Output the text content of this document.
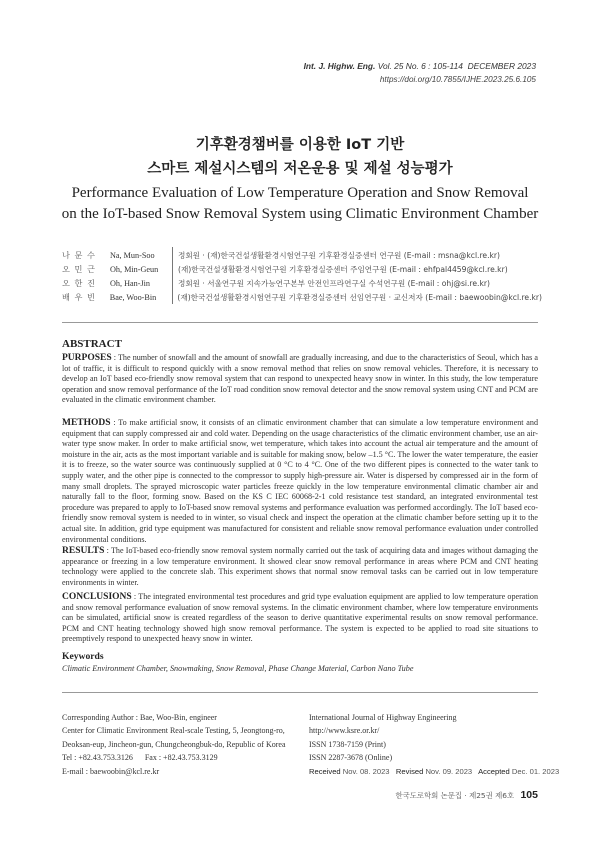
Int. J. Highw. Eng. Vol. 25 No. 6 : 105-114 DECEMBER 2023
https://doi.org/10.7855/IJHE.2023.25.6.105
기후환경챔버를 이용한 IoT 기반
스마트 제설시스템의 저온운용 및 제설 성능평가
Performance Evaluation of Low Temperature Operation and Snow Removal
on the IoT-based Snow Removal System using Climatic Environment Chamber
나 문 수	Na, Mun-Soo	정회원 · (재)한국건설생활환경시험연구원 기후환경실증센터 연구원 (E-mail : msna@kcl.re.kr)
오 민 근	Oh, Min-Geun	(재)한국건설생활환경시험연구원 기후환경실증센터 주임연구원 (E-mail : ehfpal4459@kcl.re.kr)
오 한 진	Oh, Han-Jin	정회원 · 서울연구원 지속가능연구본부 안전인프라연구실 수석연구원 (E-mail : ohj@si.re.kr)
배 우 빈	Bae, Woo-Bin	(재)한국건설생활환경시험연구원 기후환경실증센터 선임연구원 · 교신저자 (E-mail : baewoobin@kcl.re.kr)
ABSTRACT
PURPOSES : The number of snowfall and the amount of snowfall are gradually increasing, and due to the characteristics of Seoul, which has a lot of traffic, it is difficult to respond quickly with a snow removal method that relies on snow removal vehicles. Therefore, it is necessary to develop an IoT based eco-friendly snow removal system that can respond to unexpected heavy snow in winter. In this study, the low temperature operation and snow removal performance of the IoT road condition snow removal detector and the snow removal system using CNT and PCM are evaluated in the climatic environment chamber.
METHODS : To make artificial snow, it consists of an climatic environment chamber that can simulate a low temperature environment and equipment that can supply compressed air and cold water. Depending on the usage characteristics of the climatic environment chamber, use an air-water type snow maker. In order to make artificial snow, wet temperature, which takes into account the actual air temperature and the amount of moisture in the air, acts as the most important variable and is suitable for making snow, below –1.5 °C. The lower the water temperature, the easier it is to freeze, so the water source was continuously supplied at 0 °C to 4 °C. One of the two different pipes is connected to the water tank to supply water, and the other pipe is connected to the compressor to supply high-pressure air. Water is dispersed by compressed air in the form of many small droplets. The sprayed microscopic water particles freeze quickly in the low temperature environmental climatic chamber air and naturally fall to the floor, forming snow. Based on the KS C IEC 60068-2-1 cold resistance test standard, an integrated environmental test procedure was prepared to apply to IoT-based snow removal systems and performance evaluation was performed accordingly. The IoT based eco-friendly snow removal system is needed to in winter, so visual check and inspect the operation at the climatic chamber before setting up it to the actual site. In addition, grid type equipment was manufactured for consistent and reliable snow removal performance evaluation under controlled environmental conditions.
RESULTS : The IoT-based eco-friendly snow removal system normally carried out the task of acquiring data and images without damaging the appearance or freezing in a low temperature environment. It showed clear snow removal performance in areas where PCM and CNT heating technology were applied to the concrete slab. This experiment shows that normal snow removal tasks can be carried out in low temperature environments in winter.
CONCLUSIONS : The integrated environmental test procedures and grid type evaluation equipment are applied to low temperature operation and snow removal performance evaluation of snow removal systems. In the climatic environment chamber, where low temperature environments can be simulated, artificial snow is created regardless of the season to derive quantitative experimental results on snow removal performance. PCM and CNT heating technology showed high snow removal performance. The system is expected to be applied to road site situations to preemptively respond to unexpected heavy snow in winter.
Keywords
Climatic Environment Chamber, Snowmaking, Snow Removal, Phase Change Material, Carbon Nano Tube
Corresponding Author : Bae, Woo-Bin, engineer
Center for Climatic Environment Real-scale Testing, 5, Jeongtong-ro,
Deoksan-eup, Jincheon-gun, Chungcheongbuk-do, Republic of Korea
Tel : +82.43.753.3126      Fax : +82.43.753.3129
E-mail : baewoobin@kcl.re.kr
International Journal of Highway Engineering
http://www.ksre.or.kr/
ISSN 1738-7159 (Print)
ISSN 2287-3678 (Online)
Received Nov. 08. 2023 Revised Nov. 09. 2023 Accepted Dec. 01. 2023
한국도로학회 논문집 · 제25권 제6호 105
